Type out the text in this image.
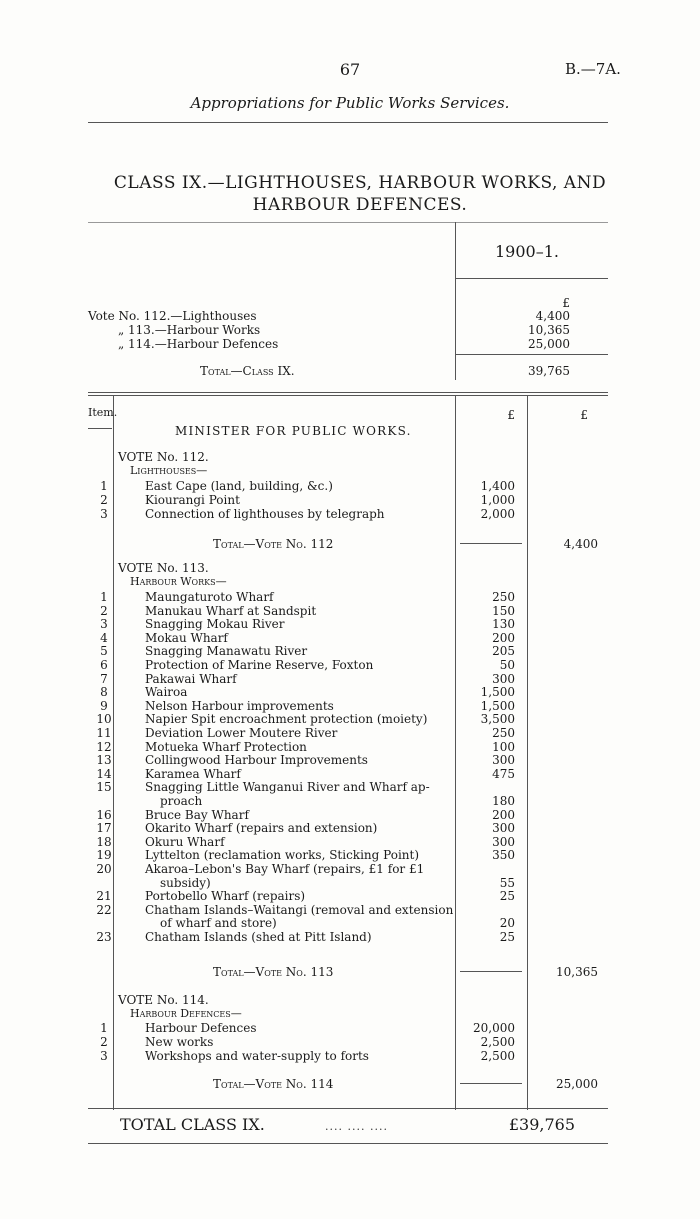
67	B.—7A.
Appropriations for Public Works Services.
CLASS IX.—LIGHTHOUSES, HARBOUR WORKS, AND
HARBOUR DEFENCES.
1900–1.
£
Vote No. 112.—Lighthouses	4,400
„ 113.—Harbour Works	10,365
„ 114.—Harbour Defences	25,000
Total—Class IX.	39,765
Item.	£	£
MINISTER FOR PUBLIC WORKS.
VOTE No. 112.
Lighthouses—
1	East Cape (land, building, &c.)	1,400
2	Kiourangi Point	1,000
3	Connection of lighthouses by telegraph	2,000
Total—Vote No. 112	4,400
VOTE No. 113.
Harbour Works—
1	Maungaturoto Wharf	250
2	Manukau Wharf at Sandspit	150
3	Snagging Mokau River	130
4	Mokau Wharf	200
5	Snagging Manawatu River	205
6	Protection of Marine Reserve, Foxton	50
7	Pakawai Wharf	300
8	Wairoa	1,500
9	Nelson Harbour improvements	1,500
10	Napier Spit encroachment protection (moiety)	3,500
11	Deviation Lower Moutere River	250
12	Motueka Wharf Protection	100
13	Collingwood Harbour Improvements	300
14	Karamea Wharf	475
15	Snagging Little Wanganui River and Wharf ap-
proach	180
16	Bruce Bay Wharf	200
17	Okarito Wharf (repairs and extension)	300
18	Okuru Wharf	300
19	Lyttelton (reclamation works, Sticking Point)	350
20	Akaroa–Lebon's Bay Wharf (repairs, £1 for £1
subsidy)	55
21	Portobello Wharf (repairs)	25
22	Chatham Islands–Waitangi (removal and extension
of wharf and store)	20
23	Chatham Islands (shed at Pitt Island)	25
Total—Vote No. 113	10,365
VOTE No. 114.
Harbour Defences—
1	Harbour Defences	20,000
2	New works	2,500
3	Workshops and water-supply to forts	2,500
Total—Vote No. 114	25,000
TOTAL CLASS IX.	.... .... ....	£39,765
